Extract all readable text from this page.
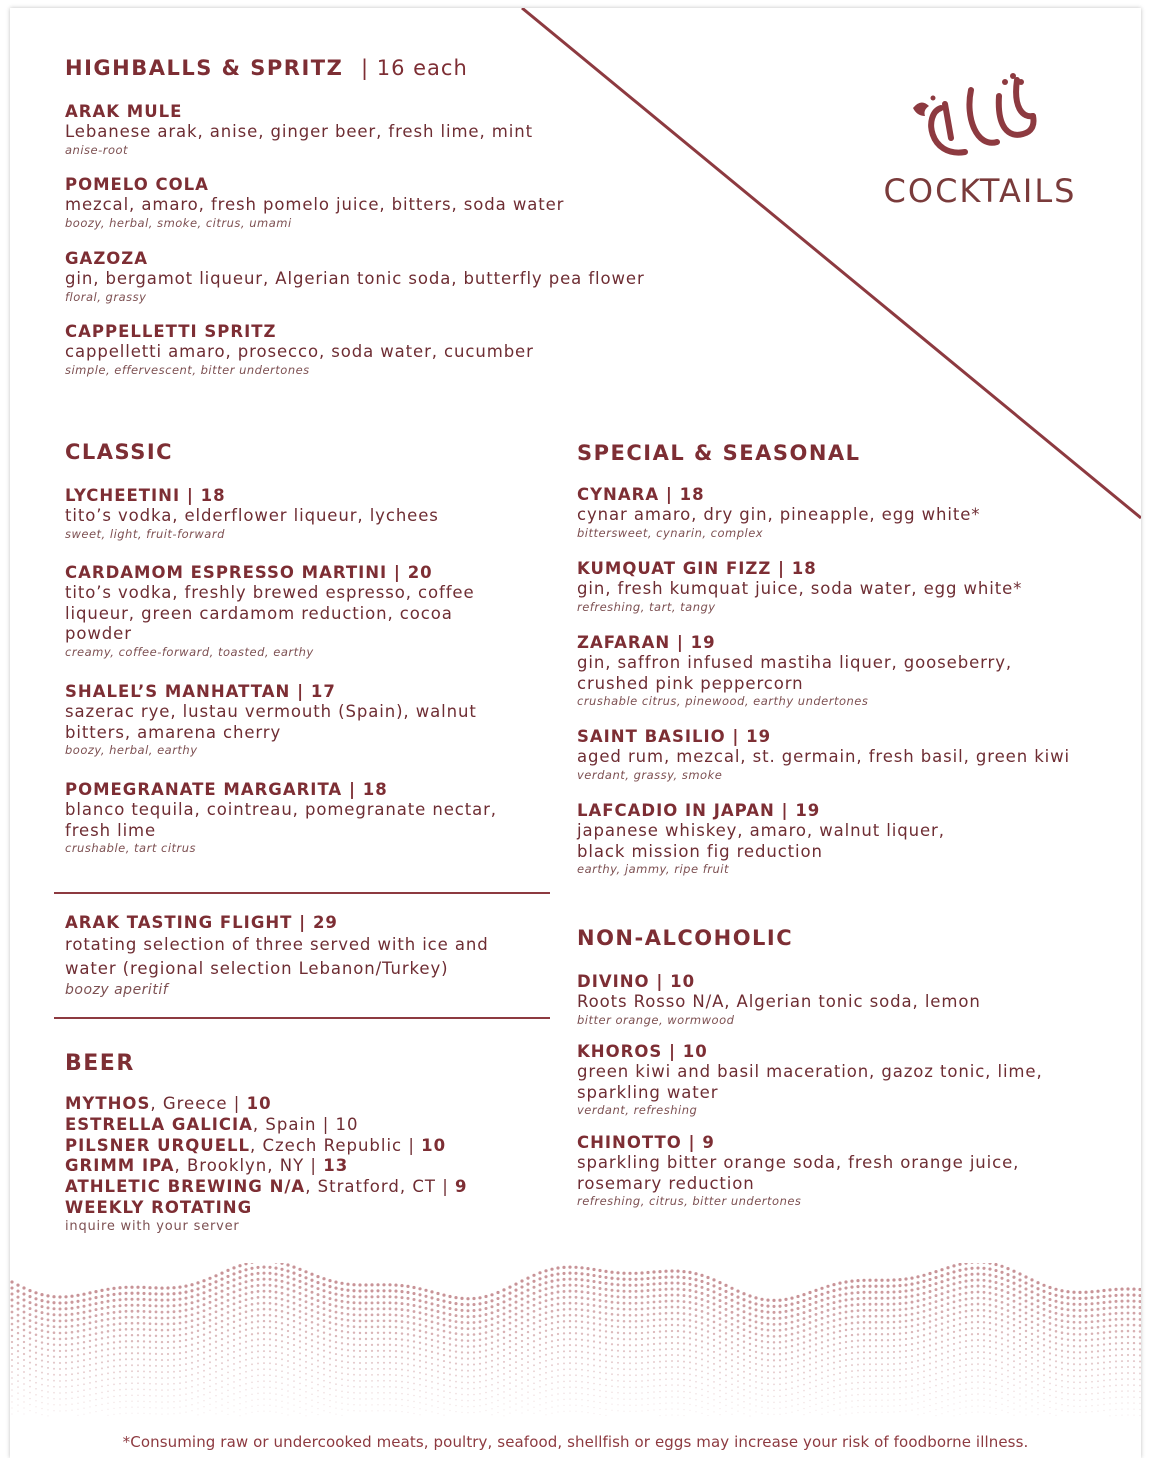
COCKTAILS
HIGHBALLS & SPRITZ | 16 each
ARAK MULE
Lebanese arak, anise, ginger beer, fresh lime, mint
anise-root
POMELO COLA
mezcal, amaro, fresh pomelo juice, bitters, soda water
boozy, herbal, smoke, citrus, umami
GAZOZA
gin, bergamot liqueur, Algerian tonic soda, butterfly pea flower
floral, grassy
CAPPELLETTI SPRITZ
cappelletti amaro, prosecco, soda water, cucumber
simple, effervescent, bitter undertones
CLASSIC
LYCHEETINI | 18
tito’s vodka, elderflower liqueur, lychees
sweet, light, fruit-forward
CARDAMOM ESPRESSO MARTINI | 20
tito’s vodka, freshly brewed espresso, coffee liqueur, green cardamom reduction, cocoa powder
creamy, coffee-forward, toasted, earthy
SHALEL’S MANHATTAN | 17
sazerac rye, lustau vermouth (Spain), walnut bitters, amarena cherry
boozy, herbal, earthy
POMEGRANATE MARGARITA | 18
blanco tequila, cointreau, pomegranate nectar, fresh lime
crushable, tart citrus
ARAK TASTING FLIGHT | 29
rotating selection of three served with ice and water (regional selection Lebanon/Turkey)
boozy aperitif
BEER
MYTHOS, Greece | 10
ESTRELLA GALICIA, Spain | 10
PILSNER URQUELL, Czech Republic | 10
GRIMM IPA, Brooklyn, NY | 13
ATHLETIC BREWING N/A, Stratford, CT | 9
WEEKLY ROTATING
inquire with your server
SPECIAL & SEASONAL
CYNARA | 18
cynar amaro, dry gin, pineapple, egg white*
bittersweet, cynarin, complex
KUMQUAT GIN FIZZ | 18
gin, fresh kumquat juice, soda water, egg white*
refreshing, tart, tangy
ZAFARAN | 19
gin, saffron infused mastiha liquer, gooseberry, crushed pink peppercorn
crushable citrus, pinewood, earthy undertones
SAINT BASILIO | 19
aged rum, mezcal, st. germain, fresh basil, green kiwi
verdant, grassy, smoke
LAFCADIO IN JAPAN | 19
japanese whiskey, amaro, walnut liquer, black mission fig reduction
earthy, jammy, ripe fruit
NON-ALCOHOLIC
DIVINO | 10
Roots Rosso N/A, Algerian tonic soda, lemon
bitter orange, wormwood
KHOROS | 10
green kiwi and basil maceration, gazoz tonic, lime, sparkling water
verdant, refreshing
CHINOTTO | 9
sparkling bitter orange soda, fresh orange juice, rosemary reduction
refreshing, citrus, bitter undertones
*Consuming raw or undercooked meats, poultry, seafood, shellfish or eggs may increase your risk of foodborne illness.
